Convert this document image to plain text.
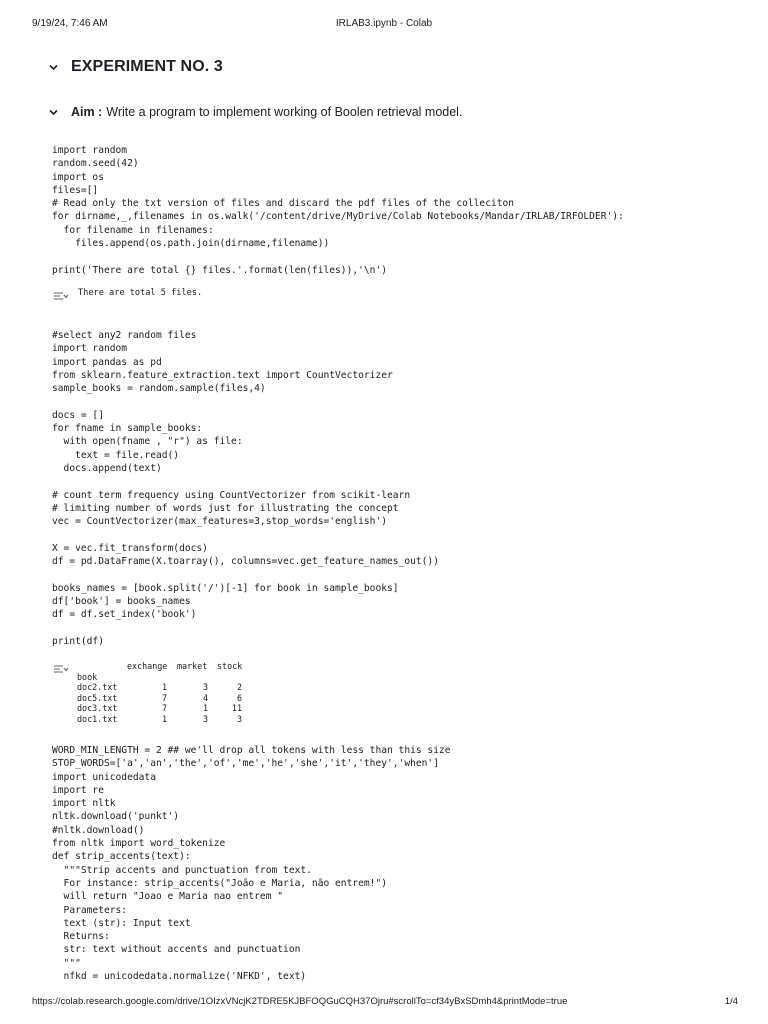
9/19/24, 7:46 AM	IRLAB3.ipynb - Colab
EXPERIMENT NO. 3
Aim : Write a program to implement working of Boolen retrieval model.
import random
random.seed(42)
import os
files=[]
# Read only the txt version of files and discard the pdf files of the colleciton
for dirname,_,filenames in os.walk('/content/drive/MyDrive/Colab Notebooks/Mandar/IRLAB/IRFOLDER'):
for filename in filenames:
files.append(os.path.join(dirname,filename))

print('There are total {} files.'.format(len(files)),'\n')
There are total 5 files.
#select any2 random files
import random
import pandas as pd
from sklearn.feature_extraction.text import CountVectorizer
sample_books = random.sample(files,4)

docs = []
for fname in sample_books:
with open(fname , "r") as file:
text = file.read()
docs.append(text)

# count term frequency using CountVectorizer from scikit-learn
# limiting number of words just for illustrating the concept
vec = CountVectorizer(max_features=3,stop_words='english')

X = vec.fit_transform(docs)
df = pd.DataFrame(X.toarray(), columns=vec.get_feature_names_out())

books_names = [book.split('/')[-1] for book in sample_books]
df['book'] = books_names
df = df.set_index('book')

print(df)
exchange market stock
book
doc2.txt	1	3	2
doc5.txt	7	4	6
doc3.txt	7	1	11
doc1.txt	1	3	3
WORD_MIN_LENGTH = 2 ## we'll drop all tokens with less than this size
STOP_WORDS=['a','an','the','of','me','he','she','it','they','when']
import unicodedata
import re
import nltk
nltk.download('punkt')
#nltk.download()
from nltk import word_tokenize
def strip_accents(text):
"""Strip accents and punctuation from text.
For instance: strip_accents("João e Maria, não entrem!")
will return "Joao e Maria nao entrem "
Parameters:
text (str): Input text
Returns:
str: text without accents and punctuation
"""
nfkd = unicodedata.normalize('NFKD', text)
https://colab.research.google.com/drive/1OIzxVNcjK2TDRE5KJBFOQGuCQH37Ojru#scrollTo=cf34yBxSDmh4&printMode=true	1/4
